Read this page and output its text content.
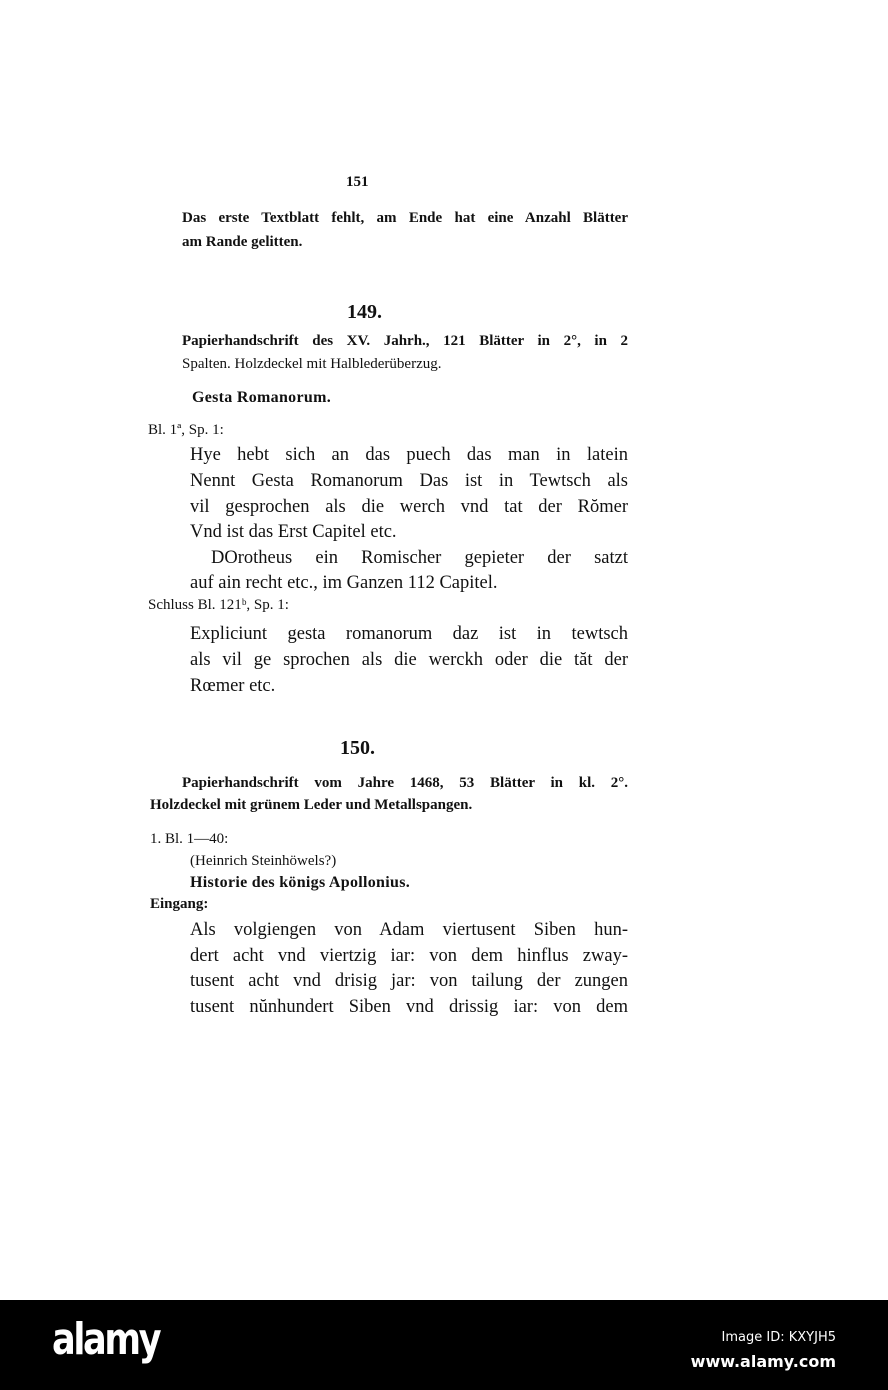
151
Das erste Textblatt fehlt, am Ende hat eine Anzahl Blätter
am Rande gelitten.
149.
Papierhandschrift des XV. Jahrh., 121 Blätter in 2°, in 2
Spalten. Holzdeckel mit Halblederüberzug.
Gesta Romanorum.
Bl. 1ª, Sp. 1:
Hye hebt sich an das puech das man in latein
Nennt Gesta Romanorum Das ist in Tewtsch als
vil gesprochen als die werch vnd tat der Rŏmer
Vnd ist das Erst Capitel etc.
DOrotheus ein Romischer gepieter der satzt
auf ain recht etc., im Ganzen 112 Capitel.
Schluss Bl. 121ᵇ, Sp. 1:
Expliciunt gesta romanorum daz ist in tewtsch
als vil ge sprochen als die werckh oder die tăt der
Rœmer etc.
150.
Papierhandschrift vom Jahre 1468, 53 Blätter in kl. 2°.
Holzdeckel mit grünem Leder und Metallspangen.
1. Bl. 1—40:
(Heinrich Steinhöwels?)
Historie des königs Apollonius.
Eingang:
Als volgiengen von Adam viertusent Siben hun-
dert acht vnd viertzig iar: von dem hinflus zway-
tusent acht vnd drisig jar: von tailung der zungen
tusent nŭnhundert Siben vnd drissig iar: von dem
alamy	Image ID: KXYJH5
www.alamy.com
